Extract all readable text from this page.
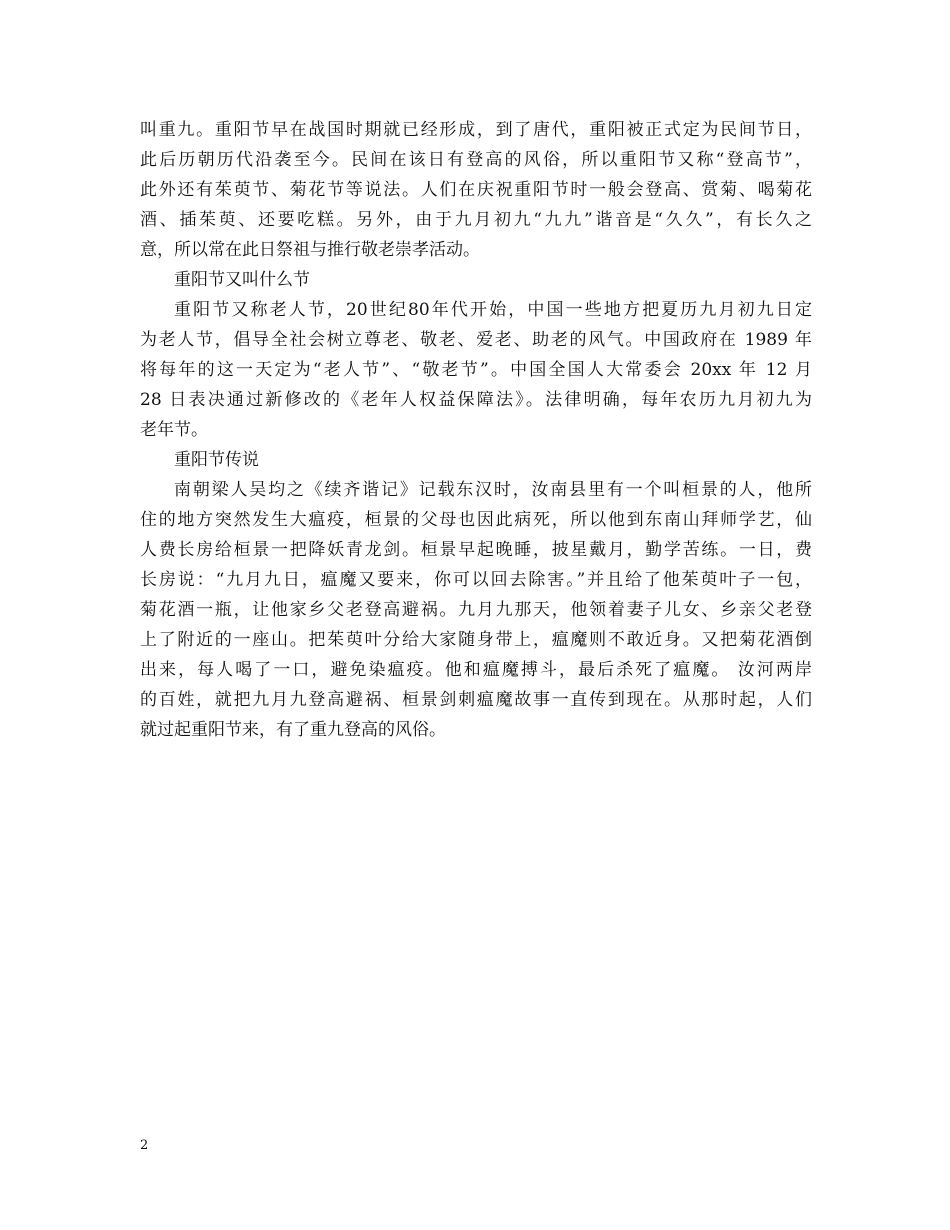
叫重九。重阳节早在战国时期就已经形成，到了唐代，重阳被正式定为民间节日，
此后历朝历代沿袭至今。民间在该日有登高的风俗，所以重阳节又称“登高节”，
此外还有茱萸节、菊花节等说法。人们在庆祝重阳节时一般会登高、赏菊、喝菊花
酒、插茱萸、还要吃糕。另外，由于九月初九“九九”谐音是“久久”，有长久之
意，所以常在此日祭祖与推行敬老崇孝活动。
重阳节又叫什么节
重阳节又称老人节，20世纪80年代开始，中国一些地方把夏历九月初九日定
为老人节，倡导全社会树立尊老、敬老、爱老、助老的风气。中国政府在 1989 年
将每年的这一天定为“老人节”、“敬老节”。中国全国人大常委会 20xx 年 12 月
28 日表决通过新修改的《老年人权益保障法》。法律明确，每年农历九月初九为
老年节。
重阳节传说
南朝梁人吴均之《续齐谐记》记载东汉时，汝南县里有一个叫桓景的人，他所
住的地方突然发生大瘟疫，桓景的父母也因此病死，所以他到东南山拜师学艺，仙
人费长房给桓景一把降妖青龙剑。桓景早起晚睡，披星戴月，勤学苦练。一日，费
长房说：“九月九日，瘟魔又要来，你可以回去除害。”并且给了他茱萸叶子一包，
菊花酒一瓶，让他家乡父老登高避祸。九月九那天，他领着妻子儿女、乡亲父老登
上了附近的一座山。把茱萸叶分给大家随身带上，瘟魔则不敢近身。又把菊花酒倒
出来，每人喝了一口，避免染瘟疫。他和瘟魔搏斗，最后杀死了瘟魔。 汝河两岸
的百姓，就把九月九登高避祸、桓景剑刺瘟魔故事一直传到现在。从那时起，人们
就过起重阳节来，有了重九登高的风俗。
2
